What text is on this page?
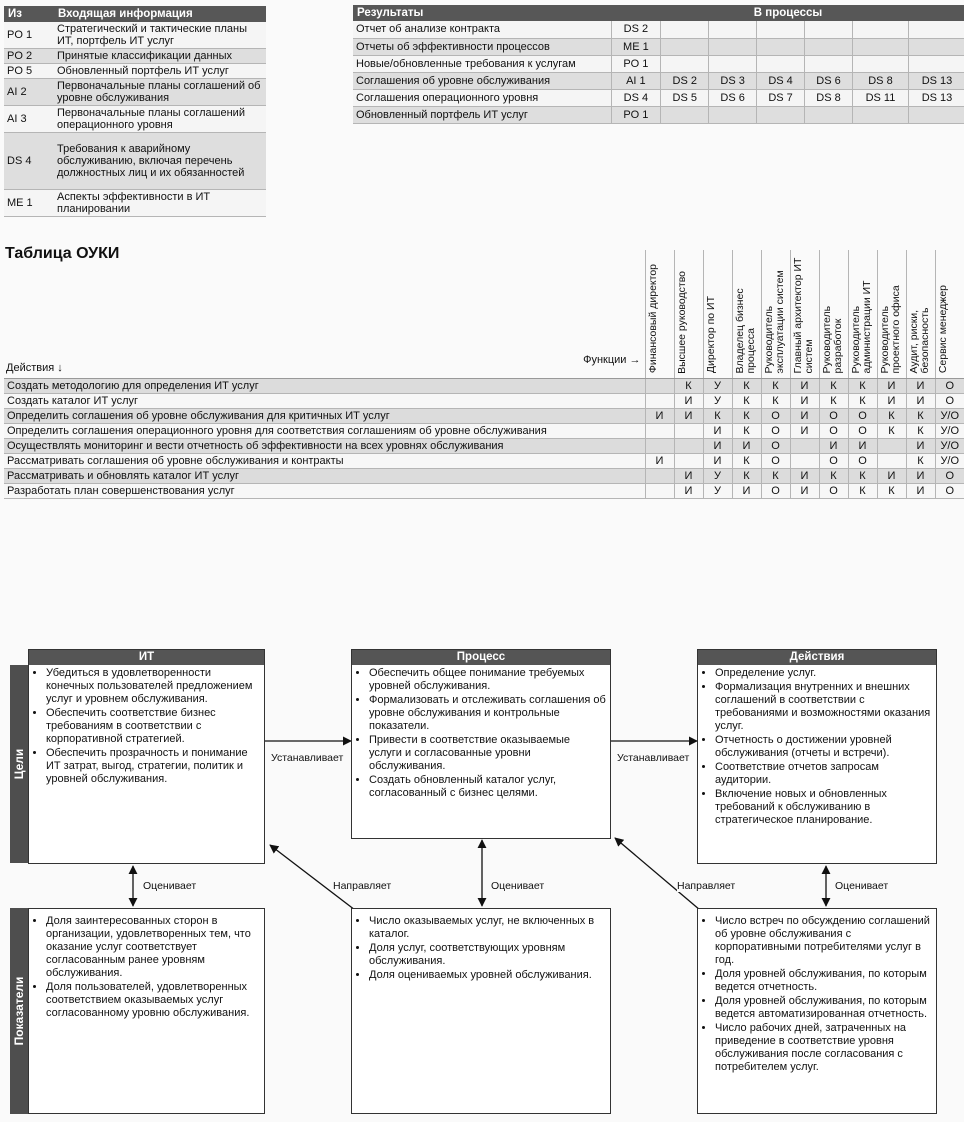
Из	Входящая информация
PO 1	Стратегический и тактические планы ИТ, портфель ИТ услуг
PO 2	Принятые классификации данных
PO 5	Обновленный портфель ИТ услуг
AI 2	Первоначальные планы соглашений об уровне обслуживания
AI 3	Первоначальные планы соглашений операционного уровня
DS 4	Требования к аварийному обслуживанию, включая перечень должностных лиц и их обязанностей
ME 1	Аспекты эффективности в ИТ планировании
Результаты	В процессы						
Отчет об анализе контракта	DS 2						
Отчеты об эффективности процессов	ME 1						
Новые/обновленные требования к услугам	PO 1						
Соглашения об уровне обслуживания	AI 1	DS 2	DS 3	DS 4	DS 6	DS 8	DS 13
Соглашения операционного уровня	DS 4	DS 5	DS 6	DS 7	DS 8	DS 11	DS 13
Обновленный портфель ИТ услуг	PO 1						
Таблица ОУКИ
Действия ↓
Функции →	Финансовый директор	Высшее руководство	Директор по ИТ	Владелец бизнес процесса	Руководитель эксплуатации систем	Главный архитектор ИТ систем	Руководитель разработок	Руководитель администрации ИТ	Руководитель проектного офиса	Аудит, риски, безопасность	Сервис менеджер

Создать методологию для определения ИТ услуг		К	У	К	К	И	К	К	И	И	О
Создать каталог ИТ услуг		И	У	К	К	И	К	К	И	И	О
Определить соглашения об уровне обслуживания для критичных ИТ услуг	И	И	К	К	О	И	О	О	К	К	У/О
Определить соглашения операционного уровня для соответствия соглашениям об уровне обслуживания			И	К	О	И	О	О	К	К	У/О
Осуществлять мониторинг и вести отчетность об эффективности на всех уровнях обслуживания			И	И	О		И	И		И	У/О
Рассматривать соглашения об уровне обслуживания и контракты	И		И	К	О		О	О		К	У/О
Рассматривать и обновлять каталог ИТ услуг		И	У	К	К	И	К	К	И	И	О
Разработать план совершенствования услуг		И	У	И	О	И	О	К	К	И	О
Цели
Показатели
ИТ
• Убедиться в удовлетворенности конечных пользователей предложением услуг и уровнем обслуживания.
• Обеспечить соответствие бизнес требованиям в соответствии с корпоративной стратегией.
• Обеспечить прозрачность и понимание ИТ затрат, выгод, стратегии, политик и уровней обслуживания.
Процесс
• Обеспечить общее понимание требуемых уровней обслуживания.
• Формализовать и отслеживать соглашения об уровне обслуживания и контрольные показатели.
• Привести в соответствие оказываемые услуги и согласованные уровни обслуживания.
• Создать обновленный каталог услуг, согласованный с бизнес целями.
Действия
• Определение услуг.
• Формализация внутренних и внешних соглашений в соответствии с требованиями и возможностями оказания услуг.
• Отчетность о достижении уровней обслуживания (отчеты и встречи).
• Соответствие отчетов запросам аудитории.
• Включение новых и обновленных требований к обслуживанию в стратегическое планирование.
• Доля заинтересованных сторон в организации, удовлетворенных тем, что оказание услуг соответствует согласованным ранее уровням обслуживания.
• Доля пользователей, удовлетворенных соответствием оказываемых услуг согласованному уровню обслуживания.
• Число оказываемых услуг, не включенных в каталог.
• Доля услуг, соответствующих уровням обслуживания.
• Доля оцениваемых уровней обслуживания.
• Число встреч по обсуждению соглашений об уровне обслуживания с корпоративными потребителями услуг в год.
• Доля уровней обслуживания, по которым ведется отчетность.
• Доля уровней обслуживания, по которым ведется автоматизированная отчетность.
• Число рабочих дней, затраченных на приведение в соответствие уровня обслуживания после согласования с потребителем услуг.
Устанавливает	Устанавливает
Оценивает	Оценивает	Оценивает
Направляет	Направляет
